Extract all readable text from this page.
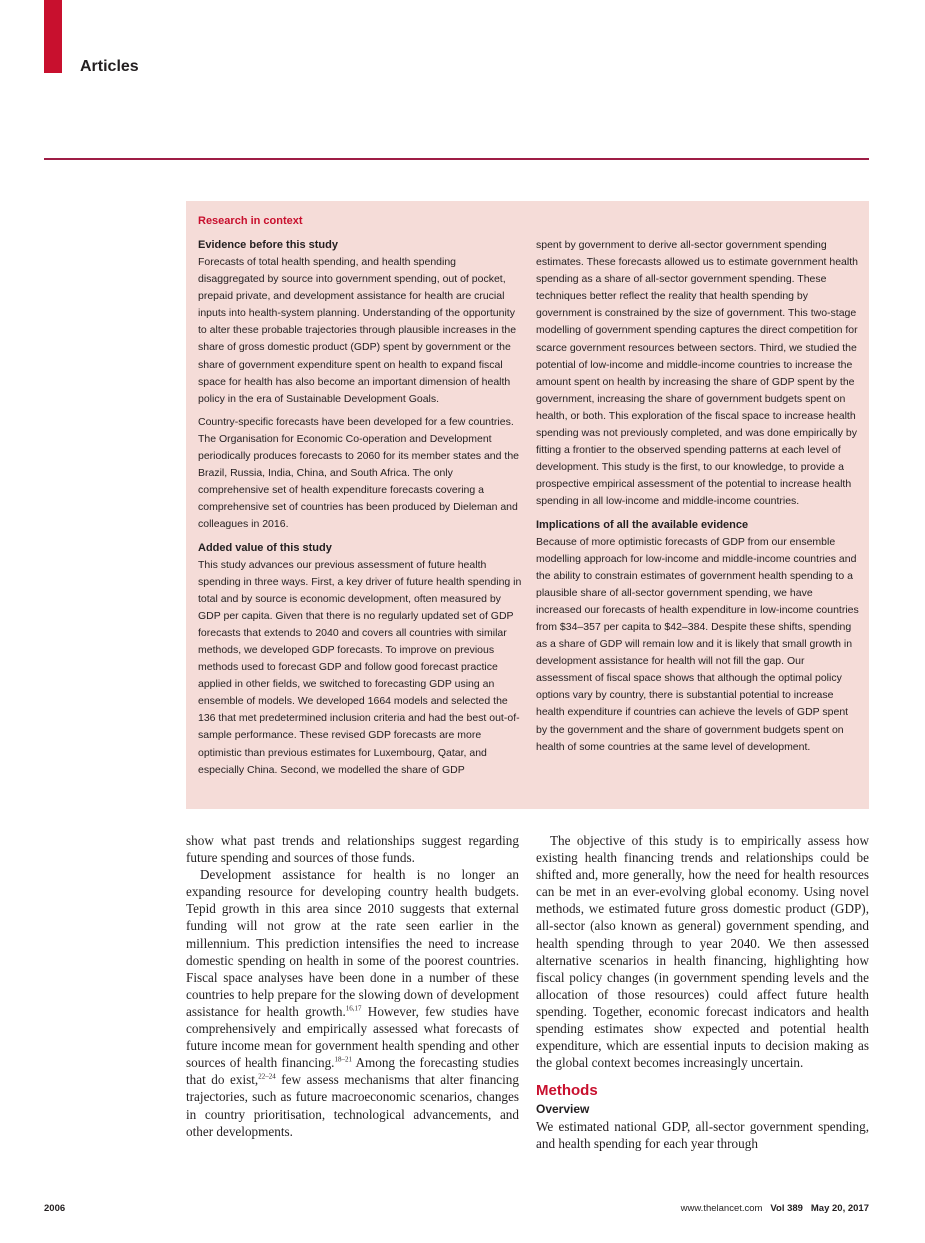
Articles
Research in context
Evidence before this study

Forecasts of total health spending, and health spending disaggregated by source into government spending, out of pocket, prepaid private, and development assistance for health are crucial inputs into health-system planning. Understanding of the opportunity to alter these probable trajectories through plausible increases in the share of gross domestic product (GDP) spent by government or the share of government expenditure spent on health to expand fiscal space for health has also become an important dimension of health policy in the era of Sustainable Development Goals.

Country-specific forecasts have been developed for a few countries. The Organisation for Economic Co-operation and Development periodically produces forecasts to 2060 for its member states and the Brazil, Russia, India, China, and South Africa. The only comprehensive set of health expenditure forecasts covering a comprehensive set of countries has been produced by Dieleman and colleagues in 2016.

Added value of this study

This study advances our previous assessment of future health spending in three ways. First, a key driver of future health spending in total and by source is economic development, often measured by GDP per capita. Given that there is no regularly updated set of GDP forecasts that extends to 2040 and covers all countries with similar methods, we developed GDP forecasts. To improve on previous methods used to forecast GDP and follow good forecast practice applied in other fields, we switched to forecasting GDP using an ensemble of models. We developed 1664 models and selected the 136 that met predetermined inclusion criteria and had the best out-of-sample performance. These revised GDP forecasts are more optimistic than previous estimates for Luxembourg, Qatar, and especially China. Second, we modelled the share of GDP

spent by government to derive all-sector government spending estimates. These forecasts allowed us to estimate government health spending as a share of all-sector government spending. These techniques better reflect the reality that health spending by government is constrained by the size of government. This two-stage modelling of government spending captures the direct competition for scarce government resources between sectors. Third, we studied the potential of low-income and middle-income countries to increase the amount spent on health by increasing the share of GDP spent by the government, increasing the share of government budgets spent on health, or both. This exploration of the fiscal space to increase health spending was not previously completed, and was done empirically by fitting a frontier to the observed spending patterns at each level of development. This study is the first, to our knowledge, to provide a prospective empirical assessment of the potential to increase health spending in all low-income and middle-income countries.

Implications of all the available evidence

Because of more optimistic forecasts of GDP from our ensemble modelling approach for low-income and middle-income countries and the ability to constrain estimates of government health spending to a plausible share of all-sector government spending, we have increased our forecasts of health expenditure in low-income countries from $34–357 per capita to $42–384. Despite these shifts, spending as a share of GDP will remain low and it is likely that small growth in development assistance for health will not fill the gap. Our assessment of fiscal space shows that although the optimal policy options vary by country, there is substantial potential to increase health expenditure if countries can achieve the levels of GDP spent by the government and the share of government budgets spent on health of some countries at the same level of development.

show what past trends and relationships suggest regarding future spending and sources of those funds.

Development assistance for health is no longer an expanding resource for developing country health budgets. Tepid growth in this area since 2010 suggests that external funding will not grow at the rate seen earlier in the millennium. This prediction intensifies the need to increase domestic spending on health in some of the poorest countries. Fiscal space analyses have been done in a number of these countries to help prepare for the slowing down of development assistance for health growth.$^{16,17}$ However, few studies have comprehensively and empirically assessed what forecasts of future income mean for government health spending and other sources of health financing.$^{18-21}$ Among the forecasting studies that do exist,$^{22-24}$ few assess mechanisms that alter financing trajectories, such as future macroeconomic scenarios, changes in country prioritisation, technological advancements, and other developments.

The objective of this study is to empirically assess how existing health financing trends and relationships could be shifted and, more generally, how the need for health resources can be met in an ever-evolving global economy. Using novel methods, we estimated future gross domestic product (GDP), all-sector (also known as general) government spending, and health spending through to year 2040. We then assessed alternative scenarios in health financing, highlighting how fiscal policy changes (in government spending levels and the allocation of those resources) could affect future health spending. Together, economic forecast indicators and health spending estimates show expected and potential health expenditure, which are essential inputs to decision making as the global context becomes increasingly uncertain.

Methods
Overview

We estimated national GDP, all-sector government spending, and health spending for each year through

2006	www.thelancet.com Vol 389 May 20, 2017
